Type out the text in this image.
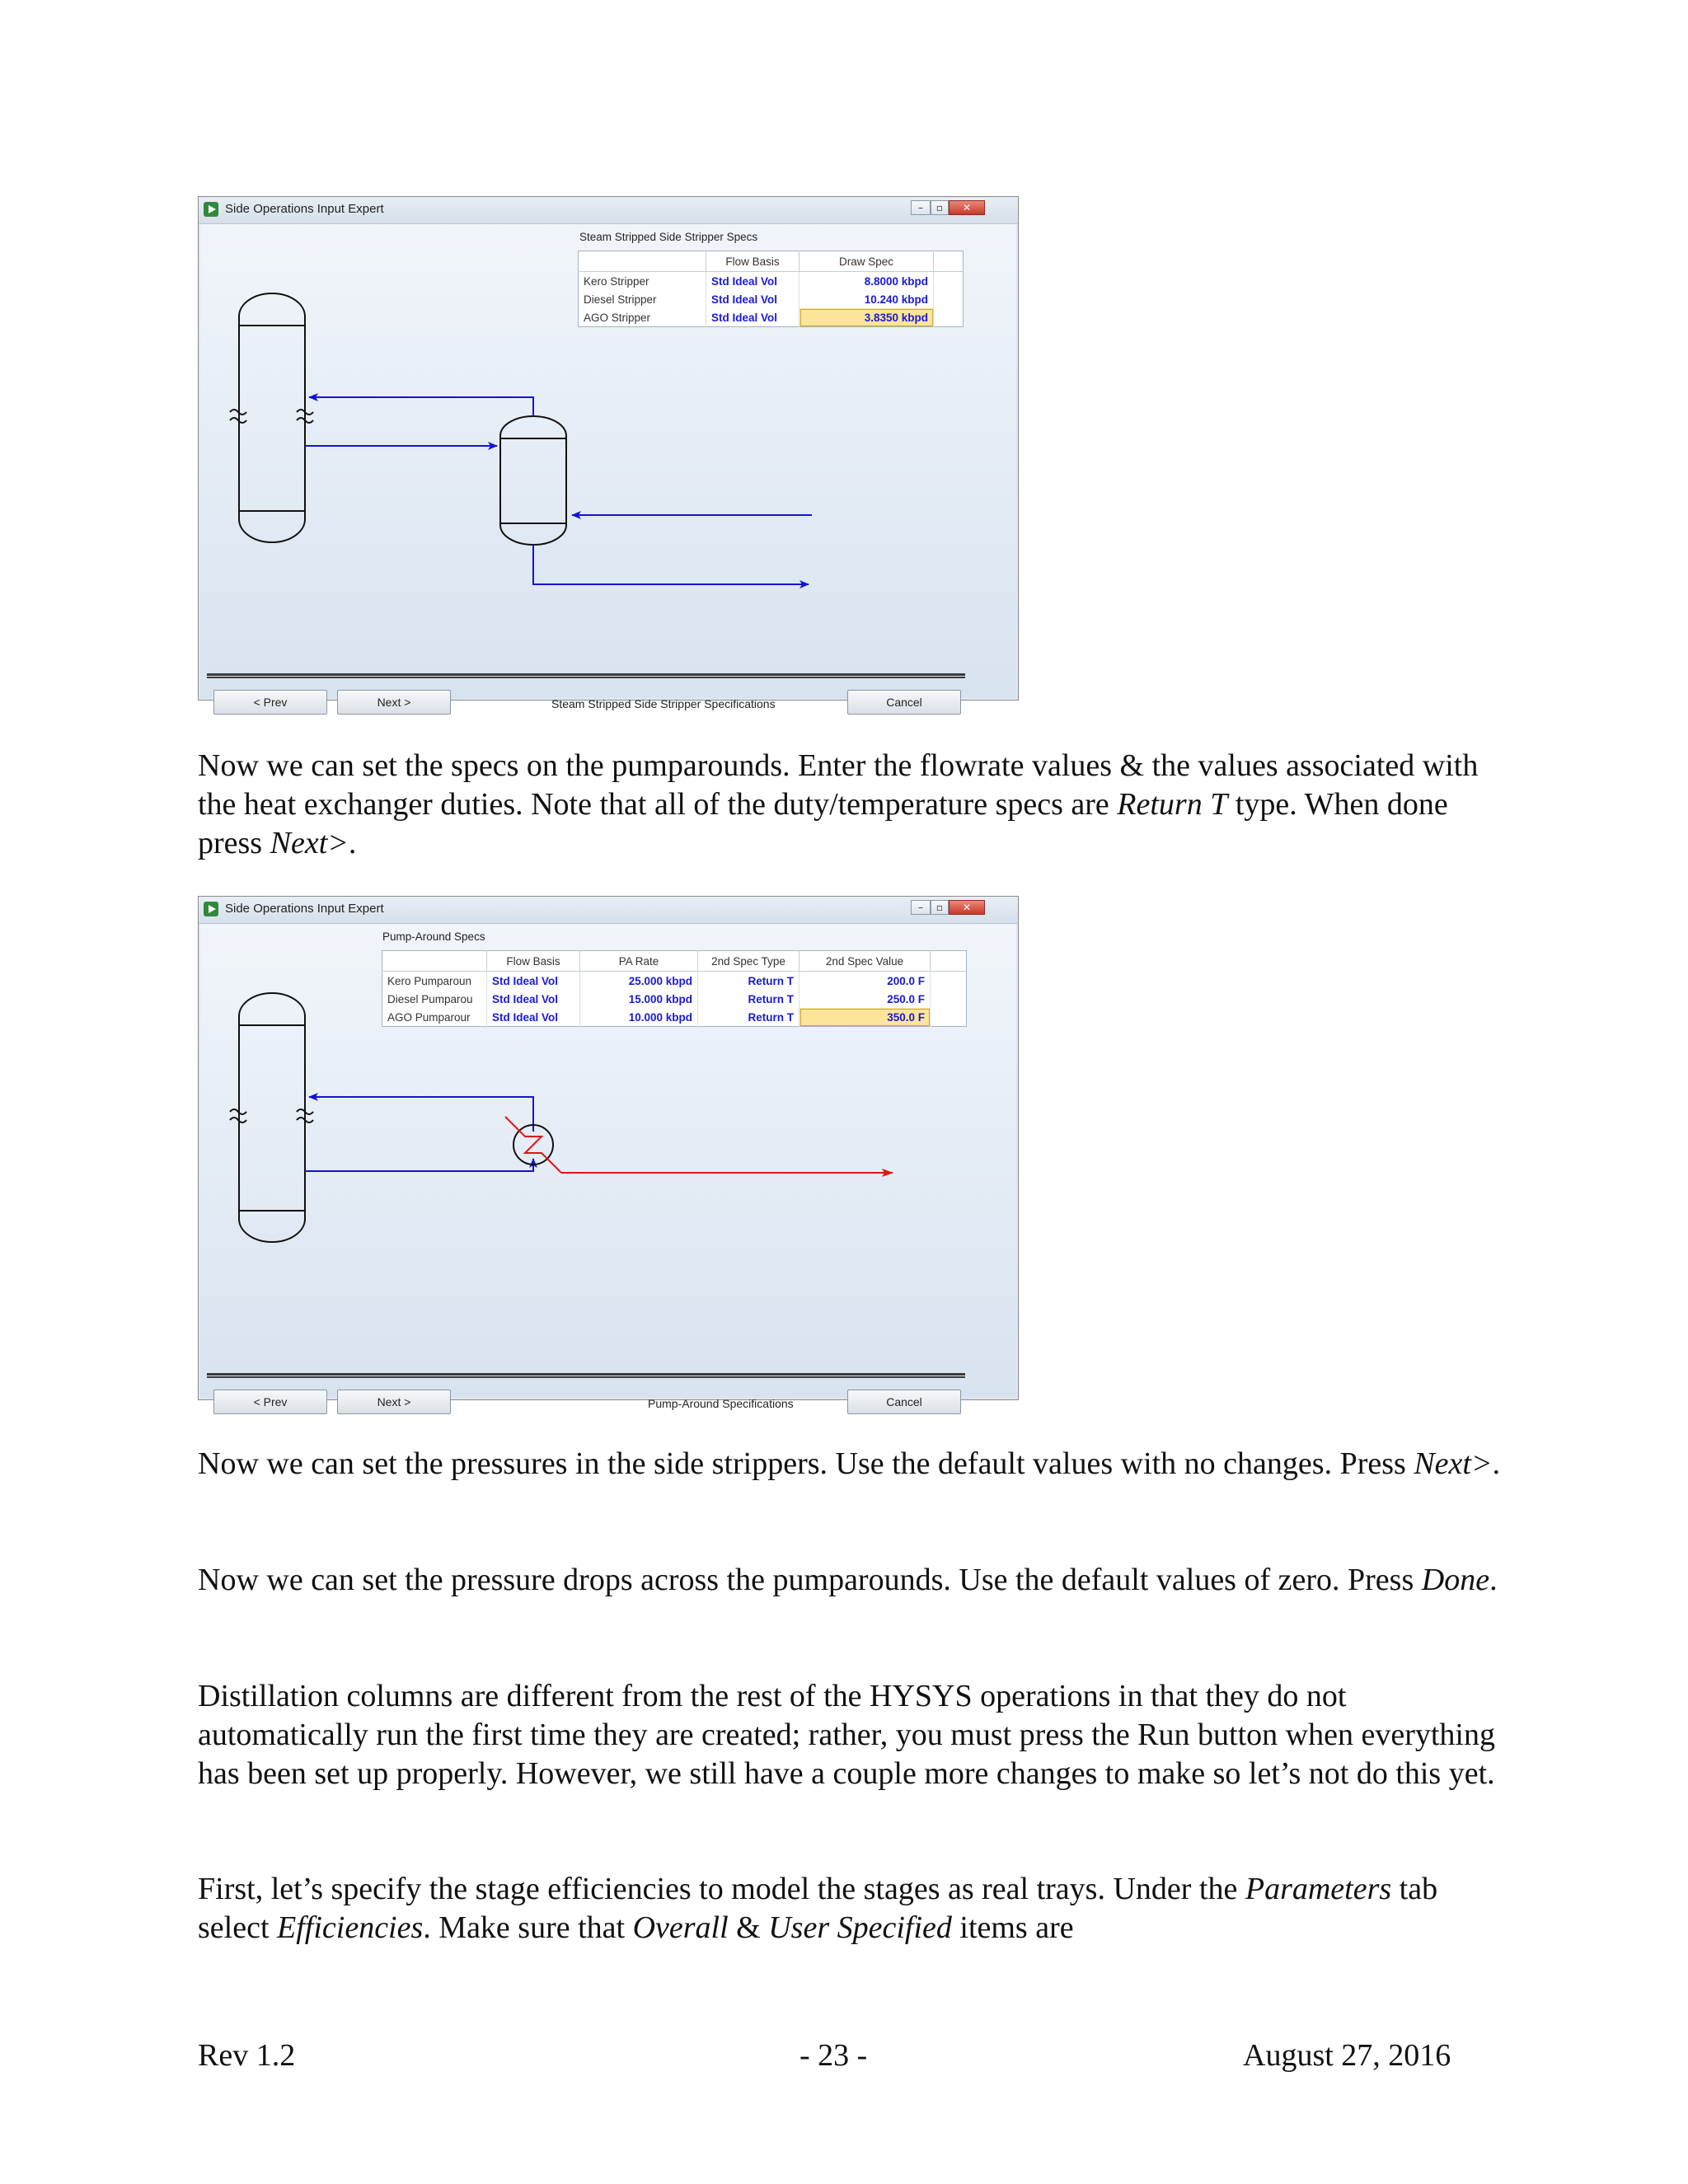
Side Operations Input Expert	–	▫	✕
Steam Stripped Side Stripper Specs
	Flow Basis	Draw Spec	
Kero Stripper	Std Ideal Vol	8.8000 kbpd	
Diesel Stripper	Std Ideal Vol	10.240 kbpd	
AGO Stripper	Std Ideal Vol	3.8350 kbpd	
< Prev	Next >	Steam Stripped Side Stripper Specifications	Cancel

Now we can set the specs on the pumparounds. Enter the flowrate values & the values associated with the heat exchanger duties. Note that all of the duty/temperature specs are Return T type. When done press Next>.

Side Operations Input Expert	–	▫	✕
Pump-Around Specs
	Flow Basis	PA Rate	2nd Spec Type	2nd Spec Value	
Kero Pumparoun	Std Ideal Vol	25.000 kbpd	Return T	200.0 F	
Diesel Pumparou	Std Ideal Vol	15.000 kbpd	Return T	250.0 F	
AGO Pumparour	Std Ideal Vol	10.000 kbpd	Return T	350.0 F	
< Prev	Next >	Pump-Around Specifications	Cancel

Now we can set the pressures in the side strippers. Use the default values with no changes. Press Next>.

Now we can set the pressure drops across the pumparounds. Use the default values of zero. Press Done.

Distillation columns are different from the rest of the HYSYS operations in that they do not automatically run the first time they are created; rather, you must press the Run button when everything has been set up properly. However, we still have a couple more changes to make so let’s not do this yet.

First, let’s specify the stage efficiencies to model the stages as real trays. Under the Parameters tab select Efficiencies. Make sure that Overall & User Specified items are

Rev 1.2	- 23 -	August 27, 2016
